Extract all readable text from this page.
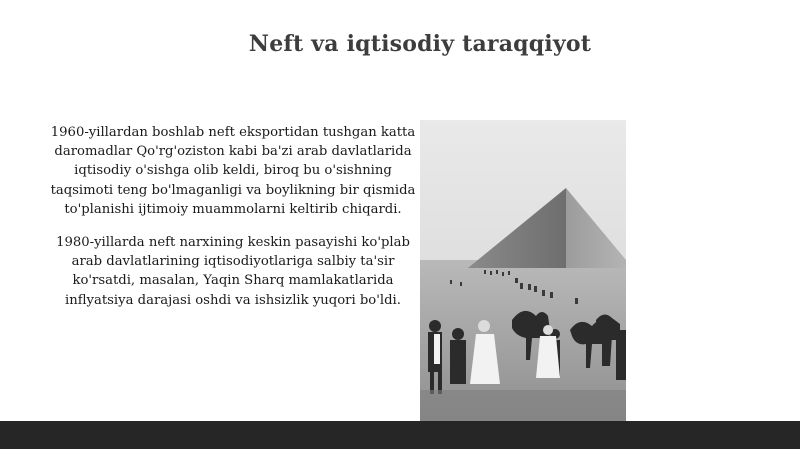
Neft va iqtisodiy taraqqiyot

1960-yillardan boshlab neft eksportidan tushgan katta daromadlar Qo'rg'oziston kabi ba'zi arab davlatlarida iqtisodiy o'sishga olib keldi, biroq bu o'sishning taqsimoti teng bo'lmaganligi va boylikning bir qismida to'planishi ijtimoiy muammolarni keltirib chiqardi.

1980-yillarda neft narxining keskin pasayishi ko'plab arab davlatlarining iqtisodiyotlariga salbiy ta'sir ko'rsatdi, masalan, Yaqin Sharq mamlakatlarida inflyatsiya darajasi oshdi va ishsizlik yuqori bo'ldi.
